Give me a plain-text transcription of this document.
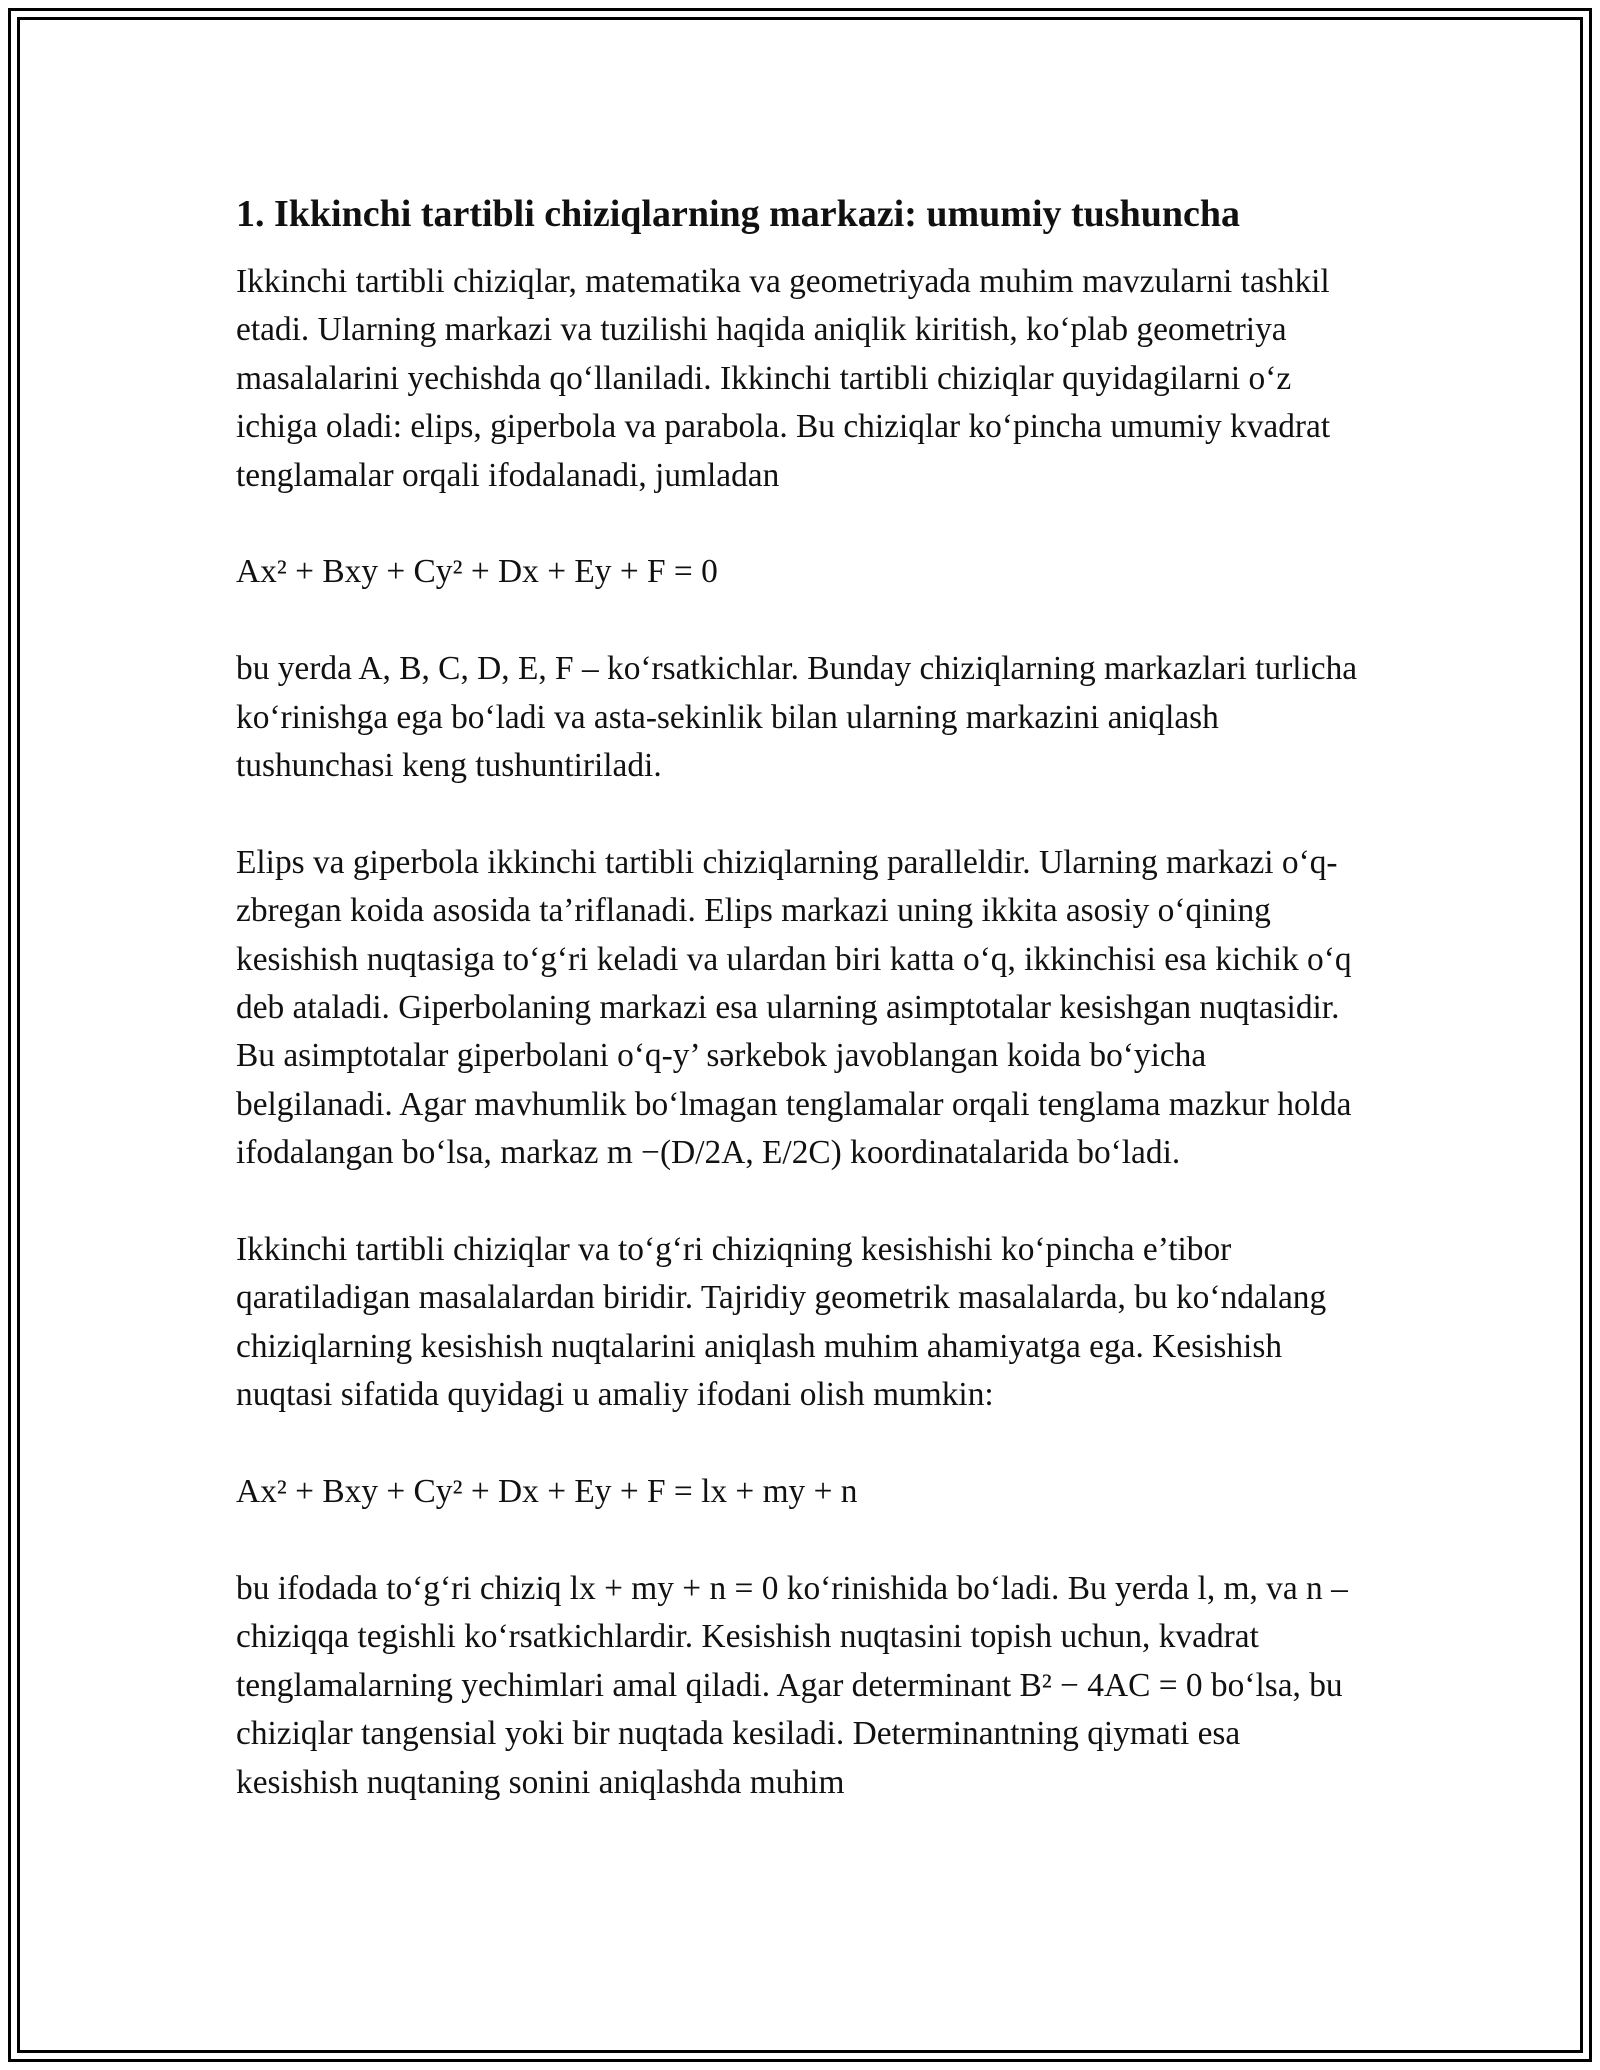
1. Ikkinchi tartibli chiziqlarning markazi: umumiy tushuncha

Ikkinchi tartibli chiziqlar, matematika va geometriyada muhim mavzularni tashkil etadi. Ularning markazi va tuzilishi haqida aniqlik kiritish, ko‘plab geometriya masalalarini yechishda qo‘llaniladi. Ikkinchi tartibli chiziqlar quyidagilarni o‘z ichiga oladi: elips, giperbola va parabola. Bu chiziqlar ko‘pincha umumiy kvadrat tenglamalar orqali ifodalanadi, jumladan

Ax² + Bxy + Cy² + Dx + Ey + F = 0

bu yerda A, B, C, D, E, F – ko‘rsatkichlar. Bunday chiziqlarning markazlari turlicha ko‘rinishga ega bo‘ladi va asta-sekinlik bilan ularning markazini aniqlash tushunchasi keng tushuntiriladi.

Elips va giperbola ikkinchi tartibli chiziqlarning paralleldir. Ularning markazi o‘q-zbregan koida asosida ta’riflanadi. Elips markazi uning ikkita asosiy o‘qining kesishish nuqtasiga to‘g‘ri keladi va ulardan biri katta o‘q, ikkinchisi esa kichik o‘q deb ataladi. Giperbolaning markazi esa ularning asimptotalar kesishgan nuqtasidir. Bu asimptotalar giperbolani o‘q-y’ sərkebok javoblangan koida bo‘yicha belgilanadi. Agar mavhumlik bo‘lmagan tenglamalar orqali tenglama mazkur holda ifodalangan bo‘lsa, markaz m −(D/2A, E/2C) koordinatalarida bo‘ladi.

Ikkinchi tartibli chiziqlar va to‘g‘ri chiziqning kesishishi ko‘pincha e’tibor qaratiladigan masalalardan biridir. Tajridiy geometrik masalalarda, bu ko‘ndalang chiziqlarning kesishish nuqtalarini aniqlash muhim ahamiyatga ega. Kesishish nuqtasi sifatida quyidagi u amaliy ifodani olish mumkin:

Ax² + Bxy + Cy² + Dx + Ey + F = lx + my + n

bu ifodada to‘g‘ri chiziq lx + my + n = 0 ko‘rinishida bo‘ladi. Bu yerda l, m, va n – chiziqqa tegishli ko‘rsatkichlardir. Kesishish nuqtasini topish uchun, kvadrat tenglamalarning yechimlari amal qiladi. Agar determinant B² − 4AC = 0 bo‘lsa, bu chiziqlar tangensial yoki bir nuqtada kesiladi. Determinantning qiymati esa kesishish nuqtaning sonini aniqlashda muhim
